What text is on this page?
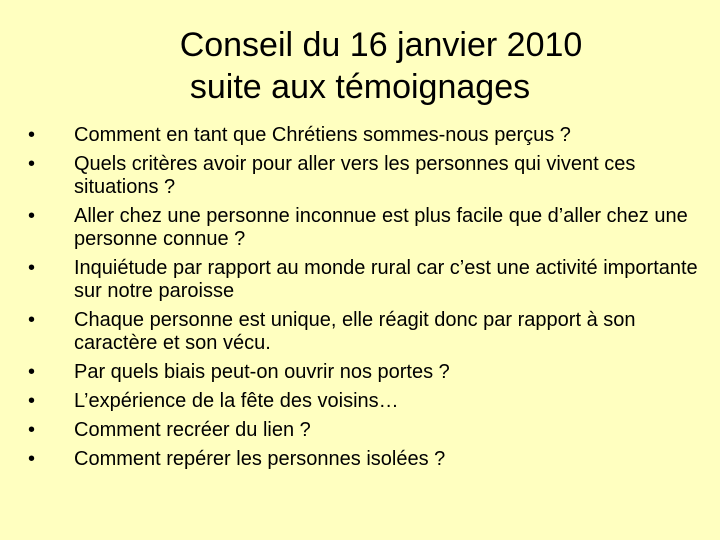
Conseil du 16 janvier 2010
suite aux témoignages
•	Comment en tant que Chrétiens sommes-nous perçus ?
•	Quels critères avoir pour aller vers les personnes qui vivent ces situations ?
•	Aller chez une personne inconnue est plus facile que d’aller chez une personne connue ?
•	Inquiétude par rapport au monde rural car c’est une activité importante sur notre paroisse
•	Chaque personne est unique, elle réagit donc par rapport à son caractère et son vécu.
•	Par quels biais peut-on ouvrir nos portes ?
•	L’expérience de la fête des voisins…
•	Comment recréer du lien ?
•	Comment repérer les personnes isolées ?
